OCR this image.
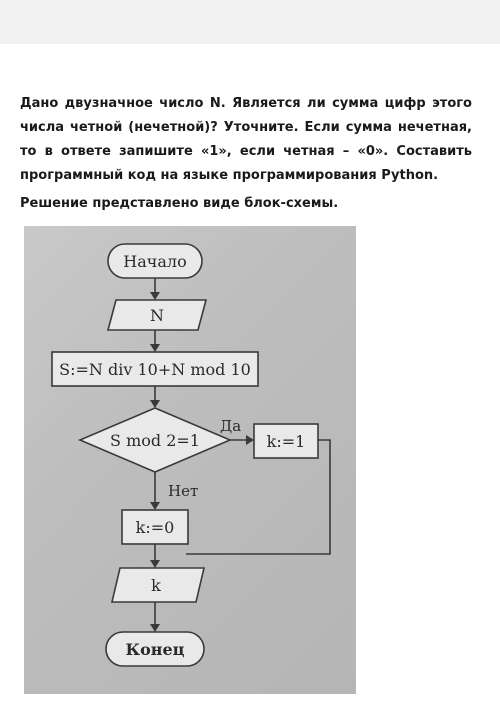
Дано двузначное число N. Является ли сумма цифр этого числа четной (нечетной)? Уточните. Если сумма нечетная, то в ответе запишите «1», если четная – «0». Составить программный код на языке программирования Python.

Решение представлено виде блок-схемы.

Начало
N
S:=N div 10+N mod 10
S mod 2=1
Да
k:=1
Нет
k:=0
k
Конец
